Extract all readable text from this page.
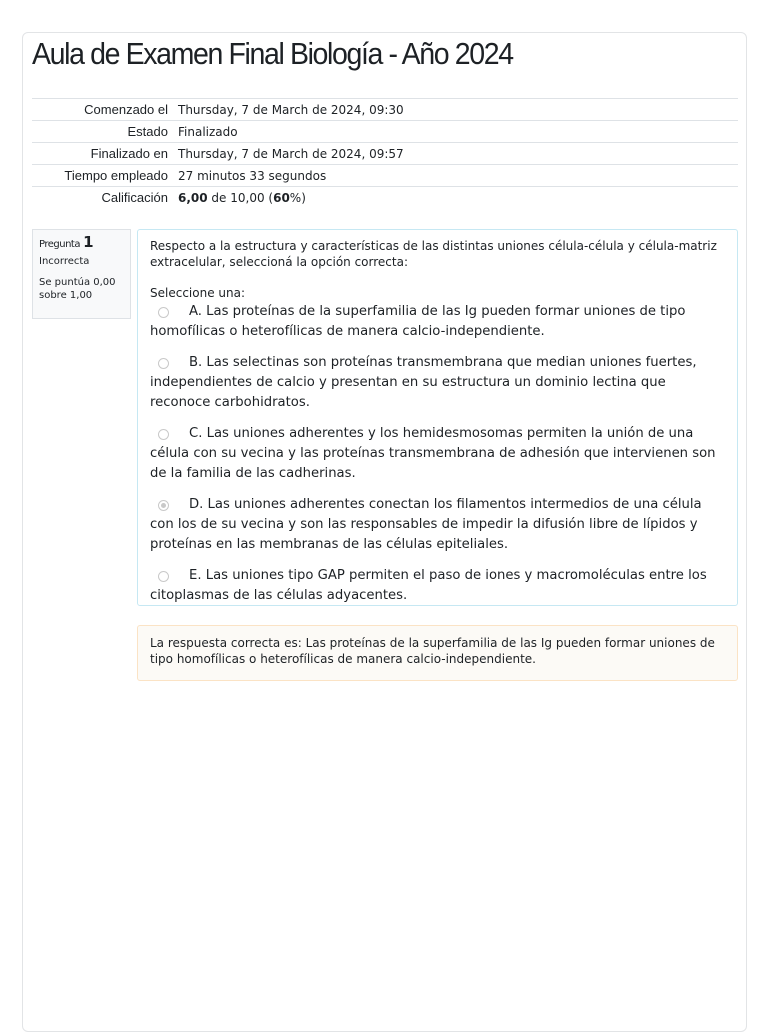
Aula de Examen Final Biología - Año 2024
Comenzado el	Thursday, 7 de March de 2024, 09:30
Estado	Finalizado
Finalizado en	Thursday, 7 de March de 2024, 09:57
Tiempo empleado	27 minutos 33 segundos
Calificación	6,00 de 10,00 (60%)
Pregunta 1
Incorrecta
Se puntúa 0,00
sobre 1,00
Respecto a la estructura y características de las distintas uniones célula-célula y célula-matriz extracelular, seleccioná la opción correcta:
Seleccione una:
A. Las proteínas de la superfamilia de las Ig pueden formar uniones de tipo homofílicas o heterofílicas de manera calcio-independiente.
B. Las selectinas son proteínas transmembrana que median uniones fuertes, independientes de calcio y presentan en su estructura un dominio lectina que reconoce carbohidratos.
C. Las uniones adherentes y los hemidesmosomas permiten la unión de una célula con su vecina y las proteínas transmembrana de adhesión que intervienen son de la familia de las cadherinas.
D. Las uniones adherentes conectan los filamentos intermedios de una célula con los de su vecina y son las responsables de impedir la difusión libre de lípidos y proteínas en las membranas de las células epiteliales.
E. Las uniones tipo GAP permiten el paso de iones y macromoléculas entre los citoplasmas de las células adyacentes.
La respuesta correcta es: Las proteínas de la superfamilia de las Ig pueden formar uniones de tipo homofílicas o heterofílicas de manera calcio-independiente.
